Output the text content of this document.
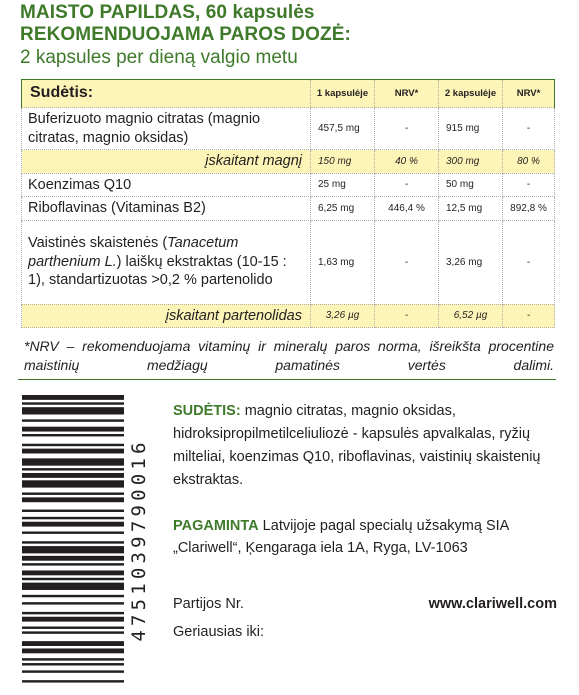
MAISTO PAPILDAS, 60 kapsulės
REKOMENDUOJAMA PAROS DOZĖ:
2 kapsules per dieną valgio metu
Sudėtis:	1 kapsulėje	NRV*	2 kapsulėje	NRV*
Buferizuoto magnio citratas (magnio citratas, magnio oksidas)	457,5 mg	-	915 mg	-
įskaitant magnį	150 mg	40 %	300 mg	80 %
Koenzimas Q10	25 mg	-	50 mg	-
Riboflavinas (Vitaminas B2)	6,25 mg	446,4 %	12,5 mg	892,8 %
Vaistinės skaistenės (Tanacetum parthenium L.) laiškų ekstraktas (10-15 : 1), standartizuotas >0,2 % partenolido	1,63 mg	-	3,26 mg	-
įskaitant partenolidas	3,26 µg	-	6,52 µg	-
*NRV – rekomenduojama vitaminų ir mineralų paros norma, išreikšta procentine maistinių medžiagų pamatinės vertės dalimi.
4751039790016
SUDĖTIS: magnio citratas, magnio oksidas, hidroksipropilmetilceliuliozė - kapsulės apvalkalas, ryžių milteliai, koenzimas Q10, riboflavinas, vaistinių skaistenių ekstraktas.
PAGAMINTA Latvijoje pagal specialų užsakymą SIA „Clariwell“, Ķengaraga iela 1A, Ryga, LV-1063
Partijos Nr.	www.clariwell.com
Geriausias iki:
